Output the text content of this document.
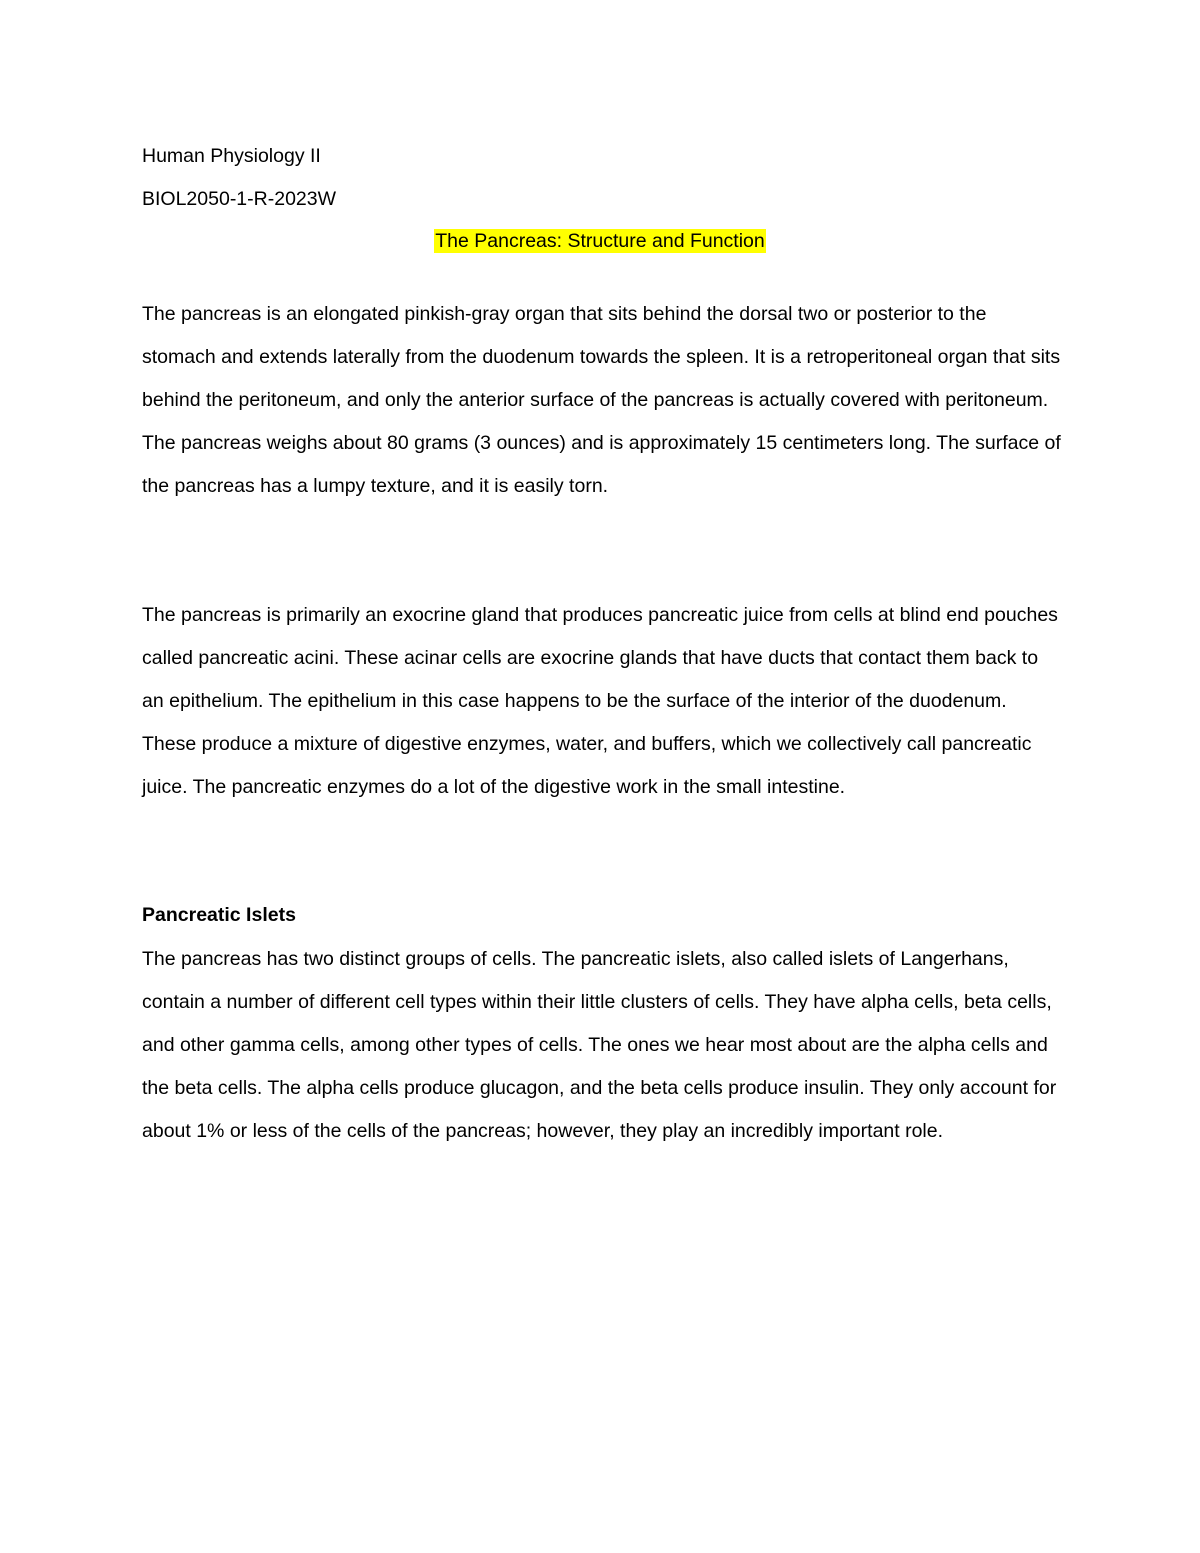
Human Physiology II
BIOL2050-1-R-2023W
The Pancreas: Structure and Function

The pancreas is an elongated pinkish-gray organ that sits behind the dorsal two or posterior to the stomach and extends laterally from the duodenum towards the spleen. It is a retroperitoneal organ that sits behind the peritoneum, and only the anterior surface of the pancreas is actually covered with peritoneum. The pancreas weighs about 80 grams (3 ounces) and is approximately 15 centimeters long. The surface of the pancreas has a lumpy texture, and it is easily torn.

The pancreas is primarily an exocrine gland that produces pancreatic juice from cells at blind end pouches called pancreatic acini. These acinar cells are exocrine glands that have ducts that contact them back to an epithelium. The epithelium in this case happens to be the surface of the interior of the duodenum. These produce a mixture of digestive enzymes, water, and buffers, which we collectively call pancreatic juice. The pancreatic enzymes do a lot of the digestive work in the small intestine.

Pancreatic Islets

The pancreas has two distinct groups of cells. The pancreatic islets, also called islets of Langerhans, contain a number of different cell types within their little clusters of cells. They have alpha cells, beta cells, and other gamma cells, among other types of cells. The ones we hear most about are the alpha cells and the beta cells. The alpha cells produce glucagon, and the beta cells produce insulin. They only account for about 1% or less of the cells of the pancreas; however, they play an incredibly important role.
